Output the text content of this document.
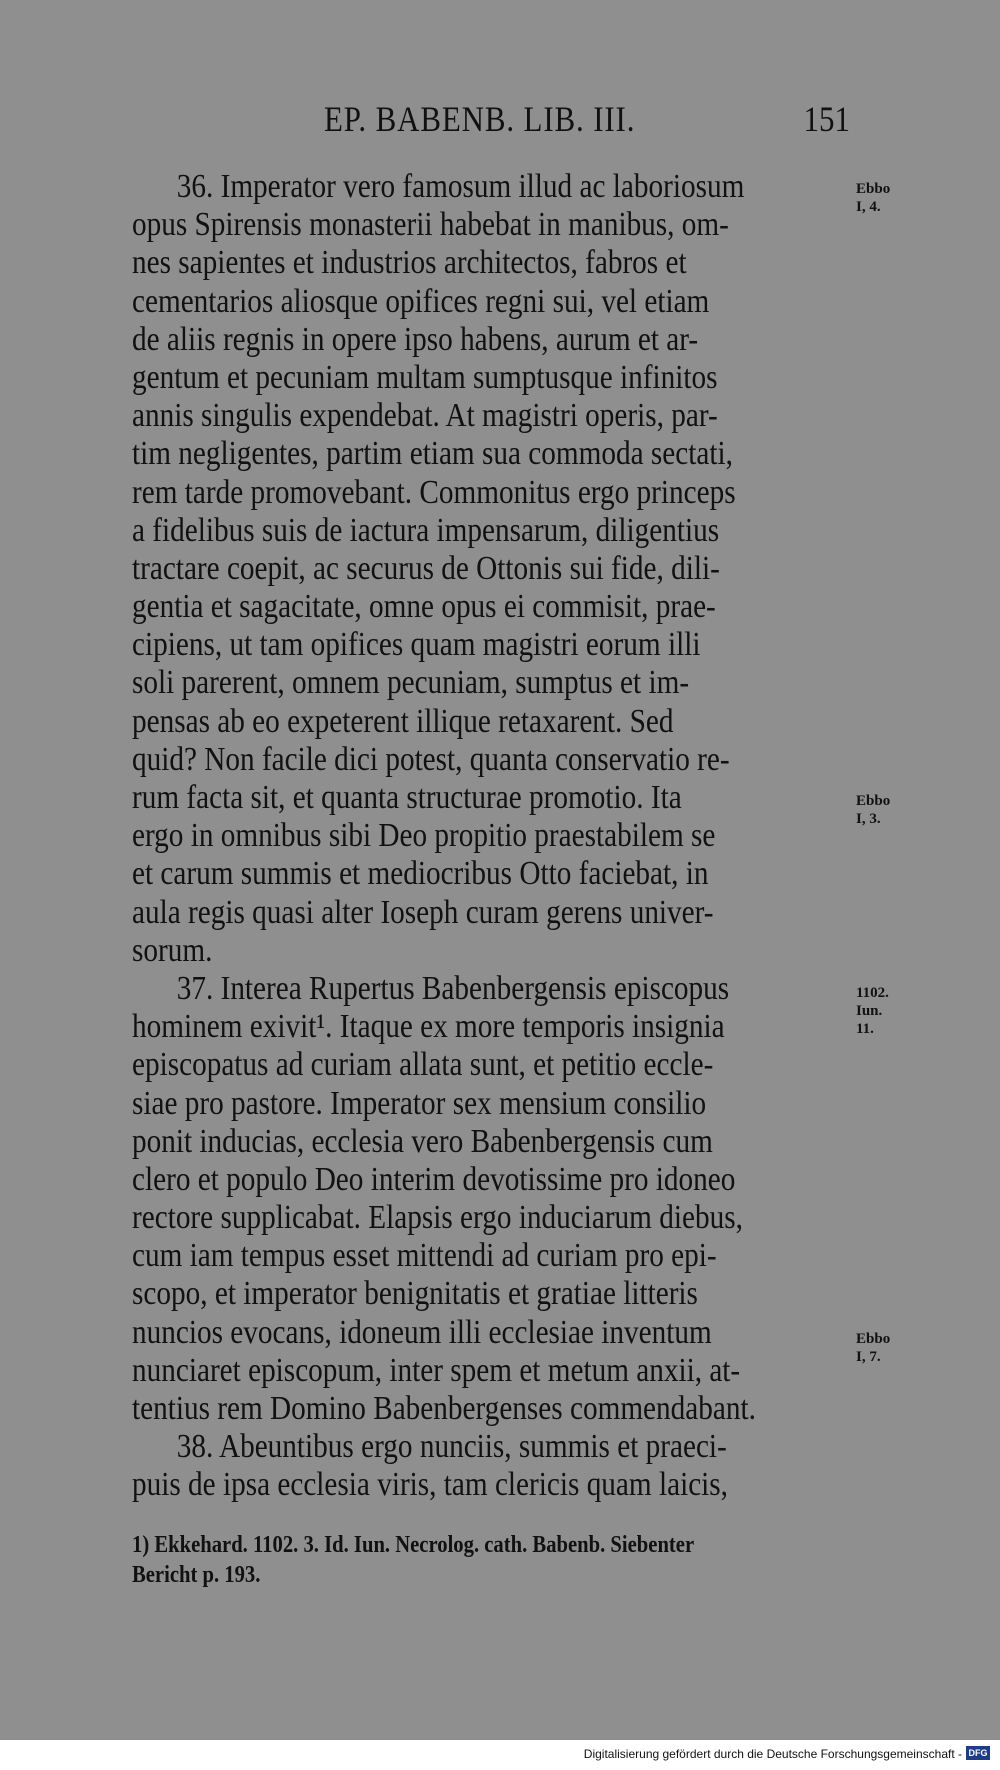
EP. BABENB. LIB. III.	151
36. Imperator vero famosum illud ac laboriosum
opus Spirensis monasterii habebat in manibus, om-
nes sapientes et industrios architectos, fabros et
cementarios aliosque opifices regni sui, vel etiam
de aliis regnis in opere ipso habens, aurum et ar-
gentum et pecuniam multam sumptusque infinitos
annis singulis expendebat. At magistri operis, par-
tim negligentes, partim etiam sua commoda sectati,
rem tarde promovebant. Commonitus ergo princeps
a fidelibus suis de iactura impensarum, diligentius
tractare coepit, ac securus de Ottonis sui fide, dili-
gentia et sagacitate, omne opus ei commisit, prae-
cipiens, ut tam opifices quam magistri eorum illi
soli parerent, omnem pecuniam, sumptus et im-
pensas ab eo expeterent illique retaxarent. Sed
quid? Non facile dici potest, quanta conservatio re-
rum facta sit, et quanta structurae promotio. Ita
ergo in omnibus sibi Deo propitio praestabilem se
et carum summis et mediocribus Otto faciebat, in
aula regis quasi alter Ioseph curam gerens univer-
sorum.
37. Interea Rupertus Babenbergensis episcopus
hominem exivit¹. Itaque ex more temporis insignia
episcopatus ad curiam allata sunt, et petitio eccle-
siae pro pastore. Imperator sex mensium consilio
ponit inducias, ecclesia vero Babenbergensis cum
clero et populo Deo interim devotissime pro idoneo
rectore supplicabat. Elapsis ergo induciarum diebus,
cum iam tempus esset mittendi ad curiam pro epi-
scopo, et imperator benignitatis et gratiae litteris
nuncios evocans, idoneum illi ecclesiae inventum
nunciaret episcopum, inter spem et metum anxii, at-
tentius rem Domino Babenbergenses commendabant.
38. Abeuntibus ergo nunciis, summis et praeci-
puis de ipsa ecclesia viris, tam clericis quam laicis,
Ebbo
I, 4.
Ebbo
I, 3.
1102.
Iun.
11.
Ebbo
I, 7.
1) Ekkehard. 1102. 3. Id. Iun. Necrolog. cath. Babenb. Siebenter
Bericht p. 193.
Digitalisierung gefördert durch die Deutsche Forschungsgemeinschaft - DFG
